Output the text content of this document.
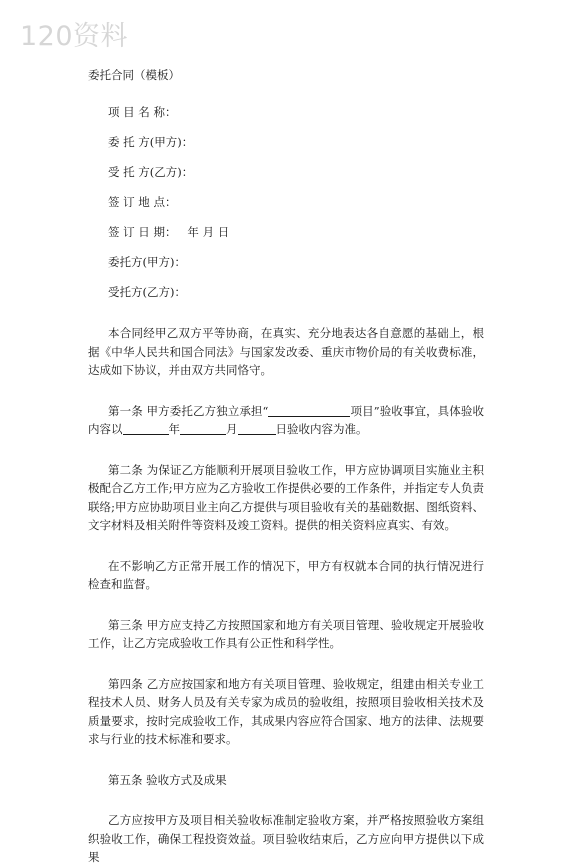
120资料

委托合同（模板）

项 目 名 称：
委 托 方(甲方)：
受 托 方(乙方)：
签 订 地 点：
签 订 日 期：   年 月 日
委托方(甲方)：
受托方(乙方)：

本合同经甲乙双方平等协商，在真实、充分地表达各自意愿的基础上，根据《中华人民共和国合同法》与国家发改委、重庆市物价局的有关收费标准，达成如下协议，并由双方共同恪守。

第一条 甲方委托乙方独立承担“	项目”验收事宜，具体验收内容以	年	月	日验收内容为准。

第二条 为保证乙方能顺利开展项目验收工作，甲方应协调项目实施业主积极配合乙方工作;甲方应为乙方验收工作提供必要的工作条件，并指定专人负责联络;甲方应协助项目业主向乙方提供与项目验收有关的基础数据、图纸资料、文字材料及相关附件等资料及竣工资料。提供的相关资料应真实、有效。

在不影响乙方正常开展工作的情况下，甲方有权就本合同的执行情况进行检查和监督。

第三条 甲方应支持乙方按照国家和地方有关项目管理、验收规定开展验收工作，让乙方完成验收工作具有公正性和科学性。

第四条 乙方应按国家和地方有关项目管理、验收规定，组建由相关专业工程技术人员、财务人员及有关专家为成员的验收组，按照项目验收相关技术及质量要求，按时完成验收工作，其成果内容应符合国家、地方的法律、法规要求与行业的技术标准和要求。

第五条 验收方式及成果

乙方应按甲方及项目相关验收标准制定验收方案，并严格按照验收方案组织验收工作，确保工程投资效益。项目验收结束后，乙方应向甲方提供以下成果
